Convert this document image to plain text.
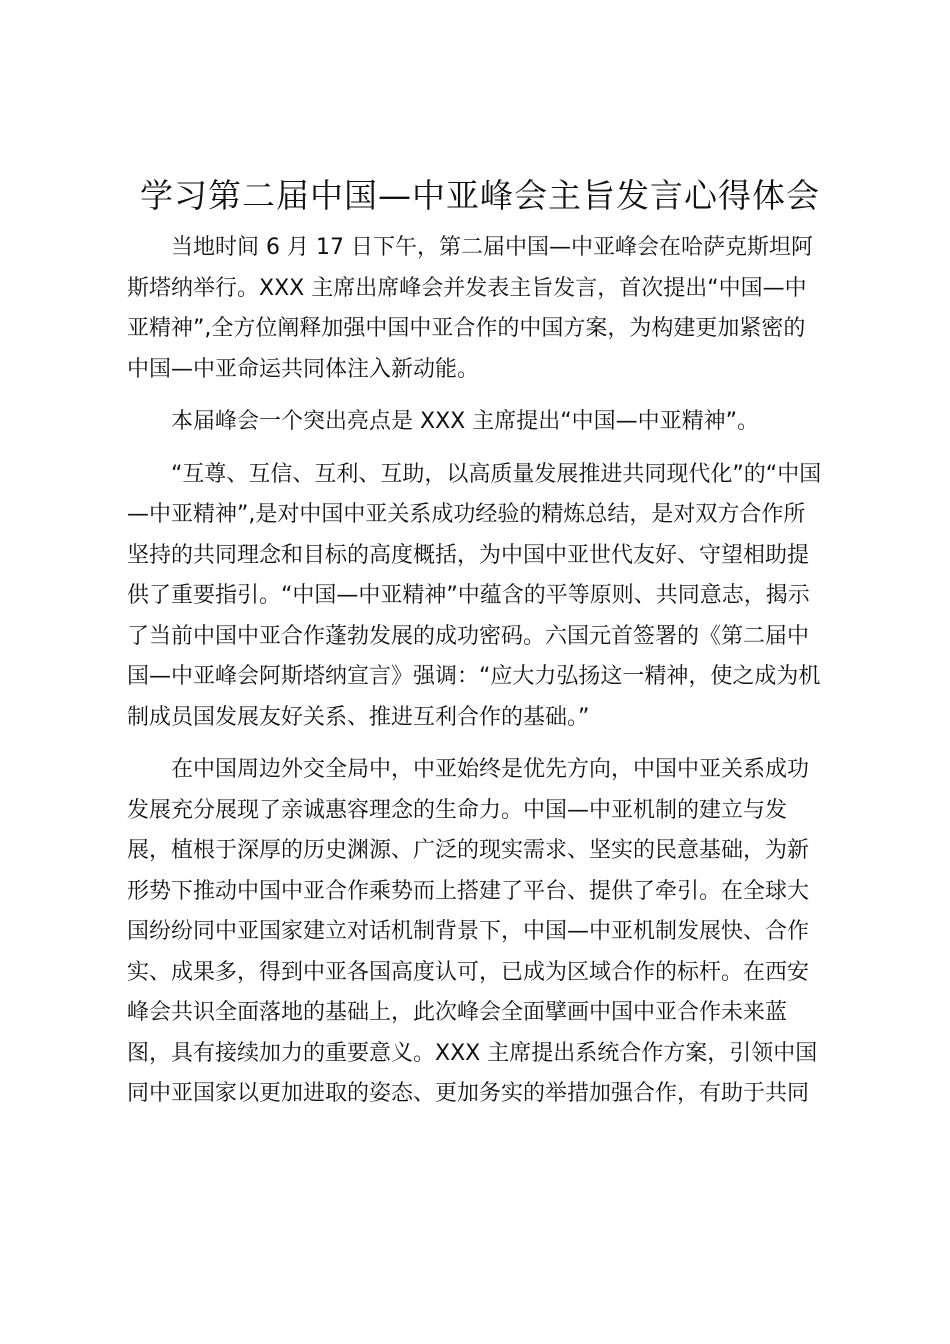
学习第二届中国—中亚峰会主旨发言心得体会
当地时间 6 月 17 日下午，第二届中国—中亚峰会在哈萨克斯坦阿
斯塔纳举行。XXX 主席出席峰会并发表主旨发言，首次提出“中国—中
亚精神”,全方位阐释加强中国中亚合作的中国方案，为构建更加紧密的
中国—中亚命运共同体注入新动能。
本届峰会一个突出亮点是 XXX 主席提出“中国—中亚精神”。
“互尊、互信、互利、互助，以高质量发展推进共同现代化”的“中国
—中亚精神”,是对中国中亚关系成功经验的精炼总结，是对双方合作所
坚持的共同理念和目标的高度概括，为中国中亚世代友好、守望相助提
供了重要指引。“中国—中亚精神”中蕴含的平等原则、共同意志，揭示
了当前中国中亚合作蓬勃发展的成功密码。六国元首签署的《第二届中
国—中亚峰会阿斯塔纳宣言》强调：“应大力弘扬这一精神，使之成为机
制成员国发展友好关系、推进互利合作的基础。”
在中国周边外交全局中，中亚始终是优先方向，中国中亚关系成功
发展充分展现了亲诚惠容理念的生命力。中国—中亚机制的建立与发
展，植根于深厚的历史渊源、广泛的现实需求、坚实的民意基础，为新
形势下推动中国中亚合作乘势而上搭建了平台、提供了牵引。在全球大
国纷纷同中亚国家建立对话机制背景下，中国—中亚机制发展快、合作
实、成果多，得到中亚各国高度认可，已成为区域合作的标杆。在西安
峰会共识全面落地的基础上，此次峰会全面擘画中国中亚合作未来蓝
图，具有接续加力的重要意义。XXX 主席提出系统合作方案，引领中国
同中亚国家以更加进取的姿态、更加务实的举措加强合作，有助于共同
